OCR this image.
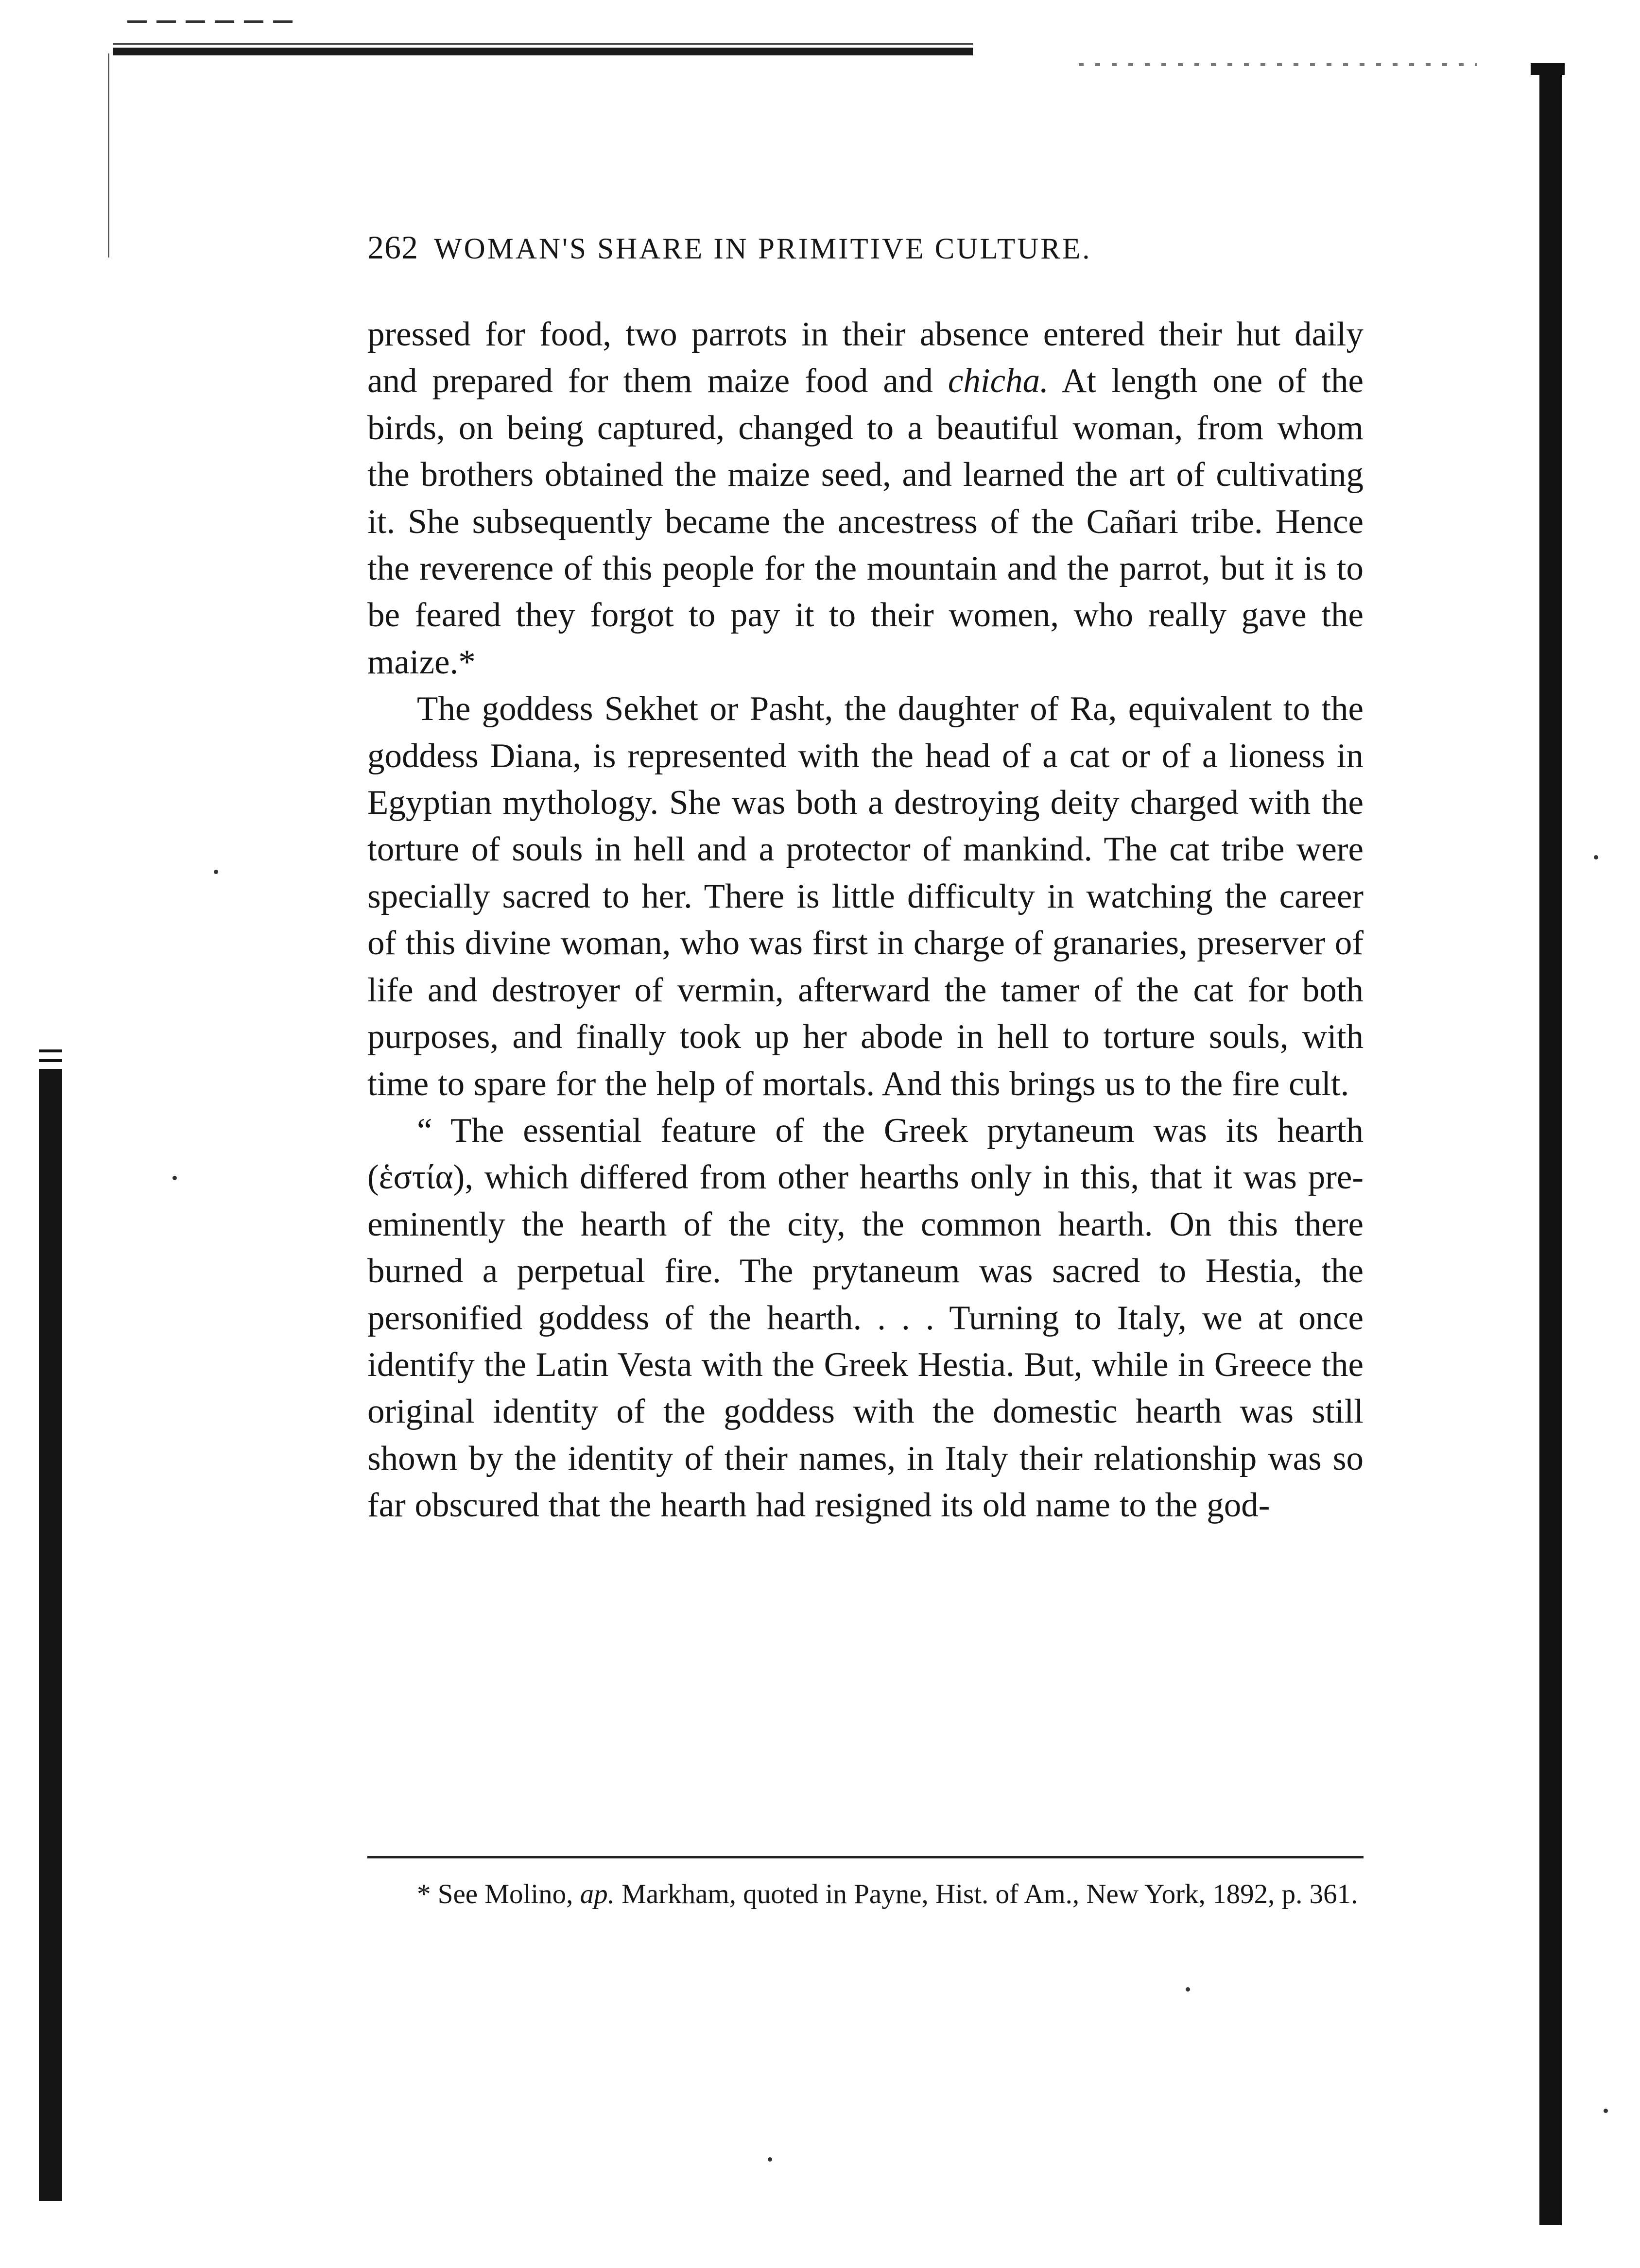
262 WOMAN'S SHARE IN PRIMITIVE CULTURE.

pressed for food, two parrots in their absence entered their hut daily and prepared for them maize food and chicha. At length one of the birds, on being captured, changed to a beautiful woman, from whom the brothers obtained the maize seed, and learned the art of cultivating it. She subsequently became the ancestress of the Cañari tribe. Hence the reverence of this people for the mountain and the parrot, but it is to be feared they forgot to pay it to their women, who really gave the maize.*

The goddess Sekhet or Pasht, the daughter of Ra, equivalent to the goddess Diana, is represented with the head of a cat or of a lioness in Egyptian mythology. She was both a destroying deity charged with the torture of souls in hell and a protector of mankind. The cat tribe were specially sacred to her. There is little difficulty in watching the career of this divine woman, who was first in charge of granaries, preserver of life and destroyer of vermin, afterward the tamer of the cat for both purposes, and finally took up her abode in hell to torture souls, with time to spare for the help of mortals. And this brings us to the fire cult.

“ The essential feature of the Greek prytaneum was its hearth (ἑστία), which differed from other hearths only in this, that it was pre-eminently the hearth of the city, the common hearth. On this there burned a perpetual fire. The prytaneum was sacred to Hestia, the personified goddess of the hearth. . . . Turning to Italy, we at once identify the Latin Vesta with the Greek Hestia. But, while in Greece the original identity of the goddess with the domestic hearth was still shown by the identity of their names, in Italy their relationship was so far obscured that the hearth had resigned its old name to the god-

* See Molino, ap. Markham, quoted in Payne, Hist. of Am., New York, 1892, p. 361.
